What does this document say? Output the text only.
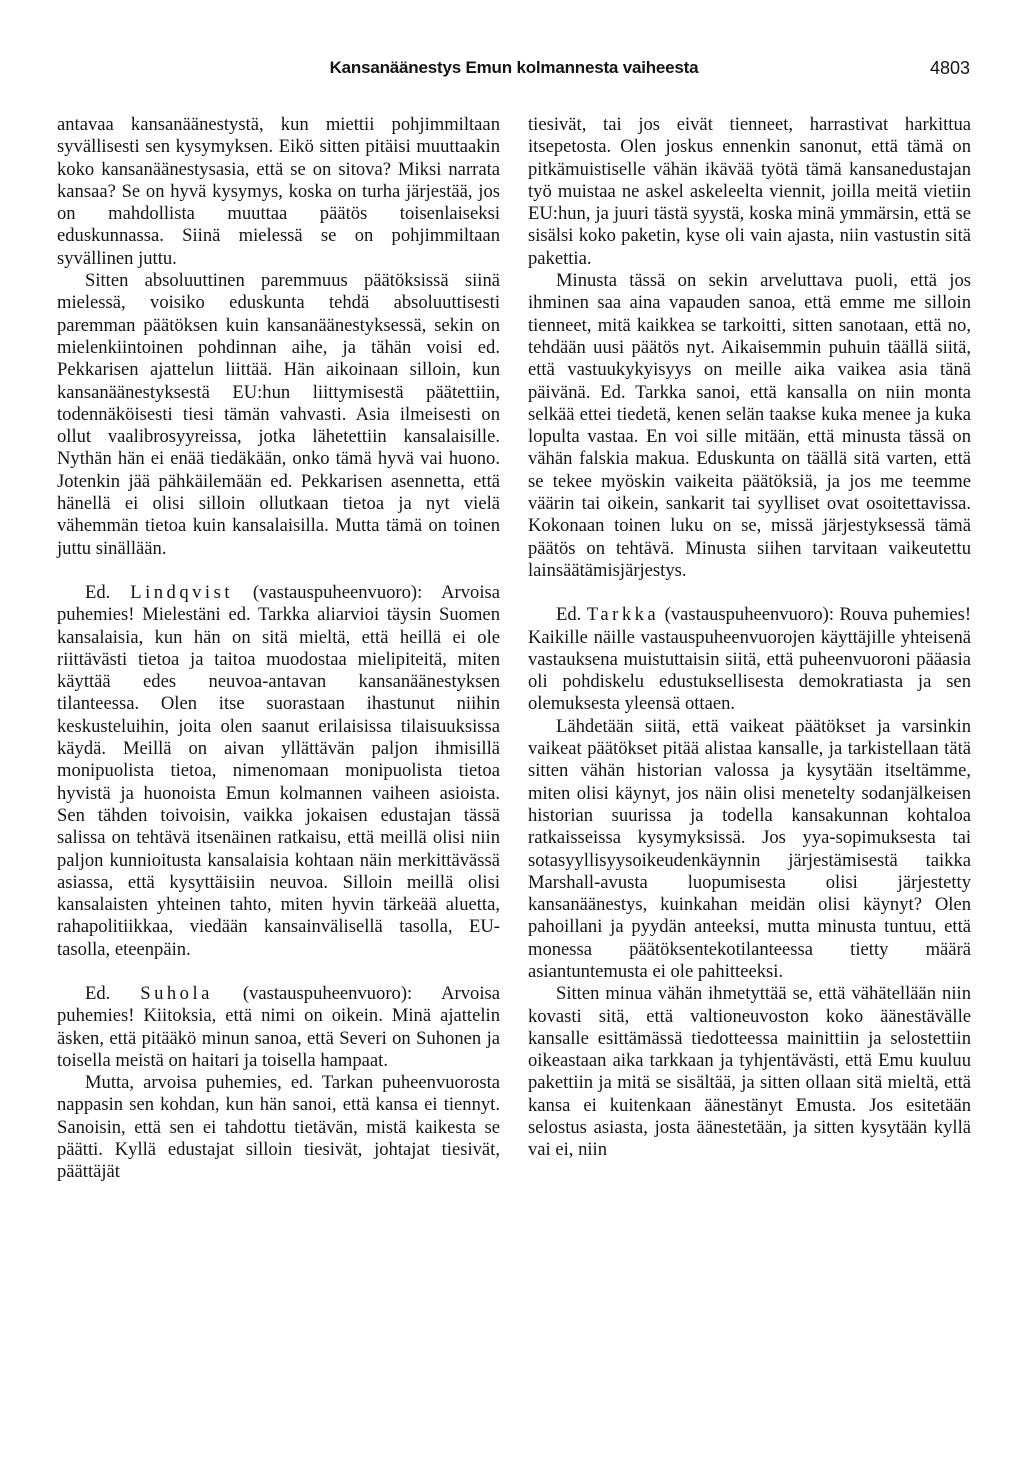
Kansanäänestys Emun kolmannesta vaiheesta	4803

antavaa kansanäänestystä, kun miettii pohjimmiltaan syvällisesti sen kysymyksen. Eikö sitten pitäisi muuttaakin koko kansanäänestysasia, että se on sitova? Miksi narrata kansaa? Se on hyvä kysymys, koska on turha järjestää, jos on mahdollista muuttaa päätös toisenlaiseksi eduskunnassa. Siinä mielessä se on pohjimmiltaan syvällinen juttu.

Sitten absoluuttinen paremmuus päätöksissä siinä mielessä, voisiko eduskunta tehdä absoluuttisesti paremman päätöksen kuin kansanäänestyksessä, sekin on mielenkiintoinen pohdinnan aihe, ja tähän voisi ed. Pekkarisen ajattelun liittää. Hän aikoinaan silloin, kun kansanäänestyksestä EU:hun liittymisestä päätettiin, todennäköisesti tiesi tämän vahvasti. Asia ilmeisesti on ollut vaalibrosyyreissa, jotka lähetettiin kansalaisille. Nythän hän ei enää tiedäkään, onko tämä hyvä vai huono. Jotenkin jää pähkäilemään ed. Pekkarisen asennetta, että hänellä ei olisi silloin ollutkaan tietoa ja nyt vielä vähemmän tietoa kuin kansalaisilla. Mutta tämä on toinen juttu sinällään.

Ed. Lindqvist (vastauspuheenvuoro): Arvoisa puhemies! Mielestäni ed. Tarkka aliarvioi täysin Suomen kansalaisia, kun hän on sitä mieltä, että heillä ei ole riittävästi tietoa ja taitoa muodostaa mielipiteitä, miten käyttää edes neuvoa-antavan kansanäänestyksen tilanteessa. Olen itse suorastaan ihastunut niihin keskusteluihin, joita olen saanut erilaisissa tilaisuuksissa käydä. Meillä on aivan yllättävän paljon ihmisillä monipuolista tietoa, nimenomaan monipuolista tietoa hyvistä ja huonoista Emun kolmannen vaiheen asioista. Sen tähden toivoisin, vaikka jokaisen edustajan tässä salissa on tehtävä itsenäinen ratkaisu, että meillä olisi niin paljon kunnioitusta kansalaisia kohtaan näin merkittävässä asiassa, että kysyttäisiin neuvoa. Silloin meillä olisi kansalaisten yhteinen tahto, miten hyvin tärkeää aluetta, rahapolitiikkaa, viedään kansainvälisellä tasolla, EU-tasolla, eteenpäin.

Ed. Suhola (vastauspuheenvuoro): Arvoisa puhemies! Kiitoksia, että nimi on oikein. Minä ajattelin äsken, että pitääkö minun sanoa, että Severi on Suhonen ja toisella meistä on haitari ja toisella hampaat.

Mutta, arvoisa puhemies, ed. Tarkan puheenvuorosta nappasin sen kohdan, kun hän sanoi, että kansa ei tiennyt. Sanoisin, että sen ei tahdottu tietävän, mistä kaikesta se päätti. Kyllä edustajat silloin tiesivät, johtajat tiesivät, päättäjät

tiesivät, tai jos eivät tienneet, harrastivat harkittua itsepetosta. Olen joskus ennenkin sanonut, että tämä on pitkämuistiselle vähän ikävää työtä tämä kansanedustajan työ muistaa ne askel askeleelta viennit, joilla meitä vietiin EU:hun, ja juuri tästä syystä, koska minä ymmärsin, että se sisälsi koko paketin, kyse oli vain ajasta, niin vastustin sitä pakettia.

Minusta tässä on sekin arveluttava puoli, että jos ihminen saa aina vapauden sanoa, että emme me silloin tienneet, mitä kaikkea se tarkoitti, sitten sanotaan, että no, tehdään uusi päätös nyt. Aikaisemmin puhuin täällä siitä, että vastuukykyisyys on meille aika vaikea asia tänä päivänä. Ed. Tarkka sanoi, että kansalla on niin monta selkää ettei tiedetä, kenen selän taakse kuka menee ja kuka lopulta vastaa. En voi sille mitään, että minusta tässä on vähän falskia makua. Eduskunta on täällä sitä varten, että se tekee myöskin vaikeita päätöksiä, ja jos me teemme väärin tai oikein, sankarit tai syylliset ovat osoitettavissa. Kokonaan toinen luku on se, missä järjestyksessä tämä päätös on tehtävä. Minusta siihen tarvitaan vaikeutettu lainsäätämisjärjestys.

Ed. Tarkka (vastauspuheenvuoro): Rouva puhemies! Kaikille näille vastauspuheenvuorojen käyttäjille yhteisenä vastauksena muistuttaisin siitä, että puheenvuoroni pääasia oli pohdiskelu edustuksellisesta demokratiasta ja sen olemuksesta yleensä ottaen.

Lähdetään siitä, että vaikeat päätökset ja varsinkin vaikeat päätökset pitää alistaa kansalle, ja tarkistellaan tätä sitten vähän historian valossa ja kysytään itseltämme, miten olisi käynyt, jos näin olisi menetelty sodanjälkeisen historian suurissa ja todella kansakunnan kohtaloa ratkaisseissa kysymyksissä. Jos yya-sopimuksesta tai sotasyyllisyysoikeudenkäynnin järjestämisestä taikka Marshall-avusta luopumisesta olisi järjestetty kansanäänestys, kuinkahan meidän olisi käynyt? Olen pahoillani ja pyydän anteeksi, mutta minusta tuntuu, että monessa päätöksentekotilanteessa tietty määrä asiantuntemusta ei ole pahitteeksi.

Sitten minua vähän ihmetyttää se, että vähätellään niin kovasti sitä, että valtioneuvoston koko äänestävälle kansalle esittämässä tiedotteessa mainittiin ja selostettiin oikeastaan aika tarkkaan ja tyhjentävästi, että Emu kuuluu pakettiin ja mitä se sisältää, ja sitten ollaan sitä mieltä, että kansa ei kuitenkaan äänestänyt Emusta. Jos esitetään selostus asiasta, josta äänestetään, ja sitten kysytään kyllä vai ei, niin
